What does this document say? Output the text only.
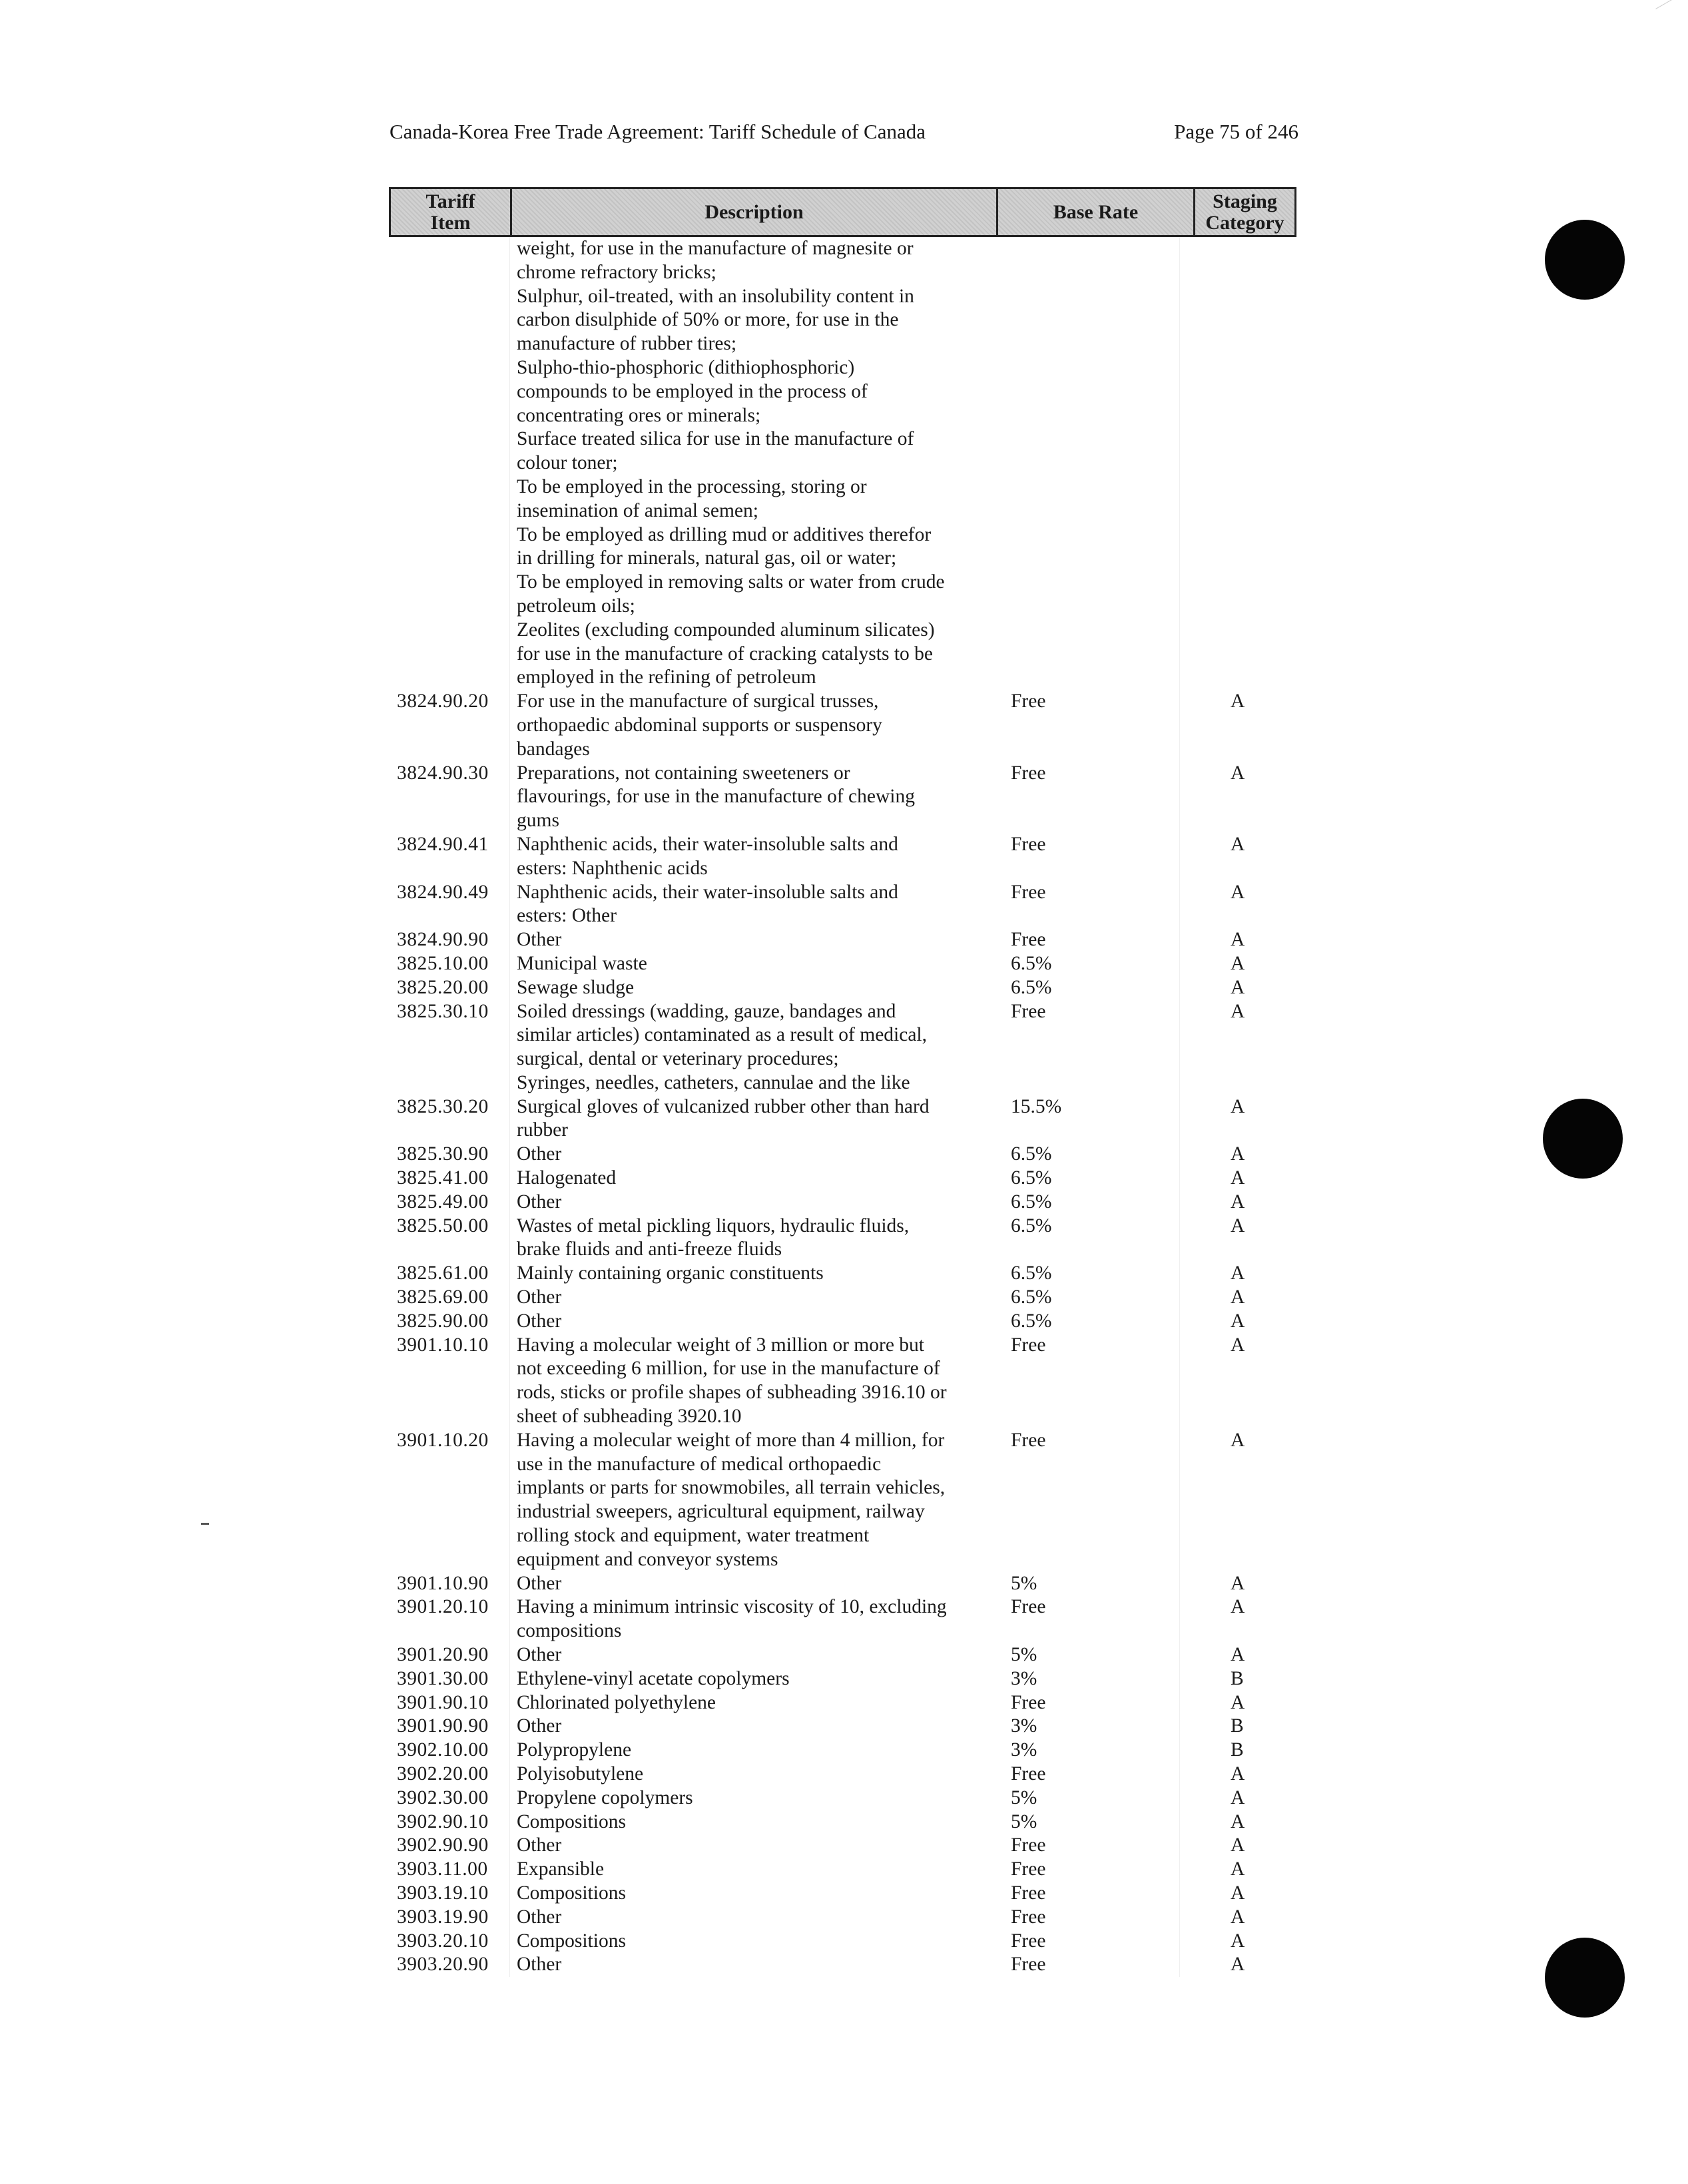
Canada-Korea Free Trade Agreement: Tariff Schedule of Canada	Page 75 of 246
Tariff
Item	Description	Base Rate	Staging
Category
weight, for use in the manufacture of magnesite or
chrome refractory bricks;
Sulphur, oil-treated, with an insolubility content in
carbon disulphide of 50% or more, for use in the
manufacture of rubber tires;
Sulpho-thio-phosphoric (dithiophosphoric)
compounds to be employed in the process of
concentrating ores or minerals;
Surface treated silica for use in the manufacture of
colour toner;
To be employed in the processing, storing or
insemination of animal semen;
To be employed as drilling mud or additives therefor
in drilling for minerals, natural gas, oil or water;
To be employed in removing salts or water from crude
petroleum oils;
Zeolites (excluding compounded aluminum silicates)
for use in the manufacture of cracking catalysts to be
employed in the refining of petroleum
3824.90.20	For use in the manufacture of surgical trusses,
orthopaedic abdominal supports or suspensory
bandages
Free	A
3824.90.30	Preparations, not containing sweeteners or
flavourings, for use in the manufacture of chewing
gums
Free	A
3824.90.41	Naphthenic acids, their water-insoluble salts and
esters: Naphthenic acids
Free	A
3824.90.49	Naphthenic acids, their water-insoluble salts and
esters: Other
Free	A
3824.90.90	Other	Free	A
3825.10.00	Municipal waste	6.5%	A
3825.20.00	Sewage sludge	6.5%	A
3825.30.10	Soiled dressings (wadding, gauze, bandages and
similar articles) contaminated as a result of medical,
surgical, dental or veterinary procedures;
Syringes, needles, catheters, cannulae and the like
Free	A
3825.30.20	Surgical gloves of vulcanized rubber other than hard
rubber
15.5%	A
3825.30.90	Other	6.5%	A
3825.41.00	Halogenated	6.5%	A
3825.49.00	Other	6.5%	A
3825.50.00	Wastes of metal pickling liquors, hydraulic fluids,
brake fluids and anti-freeze fluids
6.5%	A
3825.61.00	Mainly containing organic constituents	6.5%	A
3825.69.00	Other	6.5%	A
3825.90.00	Other	6.5%	A
3901.10.10	Having a molecular weight of 3 million or more but
not exceeding 6 million, for use in the manufacture of
rods, sticks or profile shapes of subheading 3916.10 or
sheet of subheading 3920.10
Free	A
3901.10.20	Having a molecular weight of more than 4 million, for
use in the manufacture of medical orthopaedic
implants or parts for snowmobiles, all terrain vehicles,
industrial sweepers, agricultural equipment, railway
rolling stock and equipment, water treatment
equipment and conveyor systems
Free	A
3901.10.90	Other	5%	A
3901.20.10	Having a minimum intrinsic viscosity of 10, excluding
compositions
Free	A
3901.20.90	Other	5%	A
3901.30.00	Ethylene-vinyl acetate copolymers	3%	B
3901.90.10	Chlorinated polyethylene	Free	A
3901.90.90	Other	3%	B
3902.10.00	Polypropylene	3%	B
3902.20.00	Polyisobutylene	Free	A
3902.30.00	Propylene copolymers	5%	A
3902.90.10	Compositions	5%	A
3902.90.90	Other	Free	A
3903.11.00	Expansible	Free	A
3903.19.10	Compositions	Free	A
3903.19.90	Other	Free	A
3903.20.10	Compositions	Free	A
3903.20.90	Other	Free	A
